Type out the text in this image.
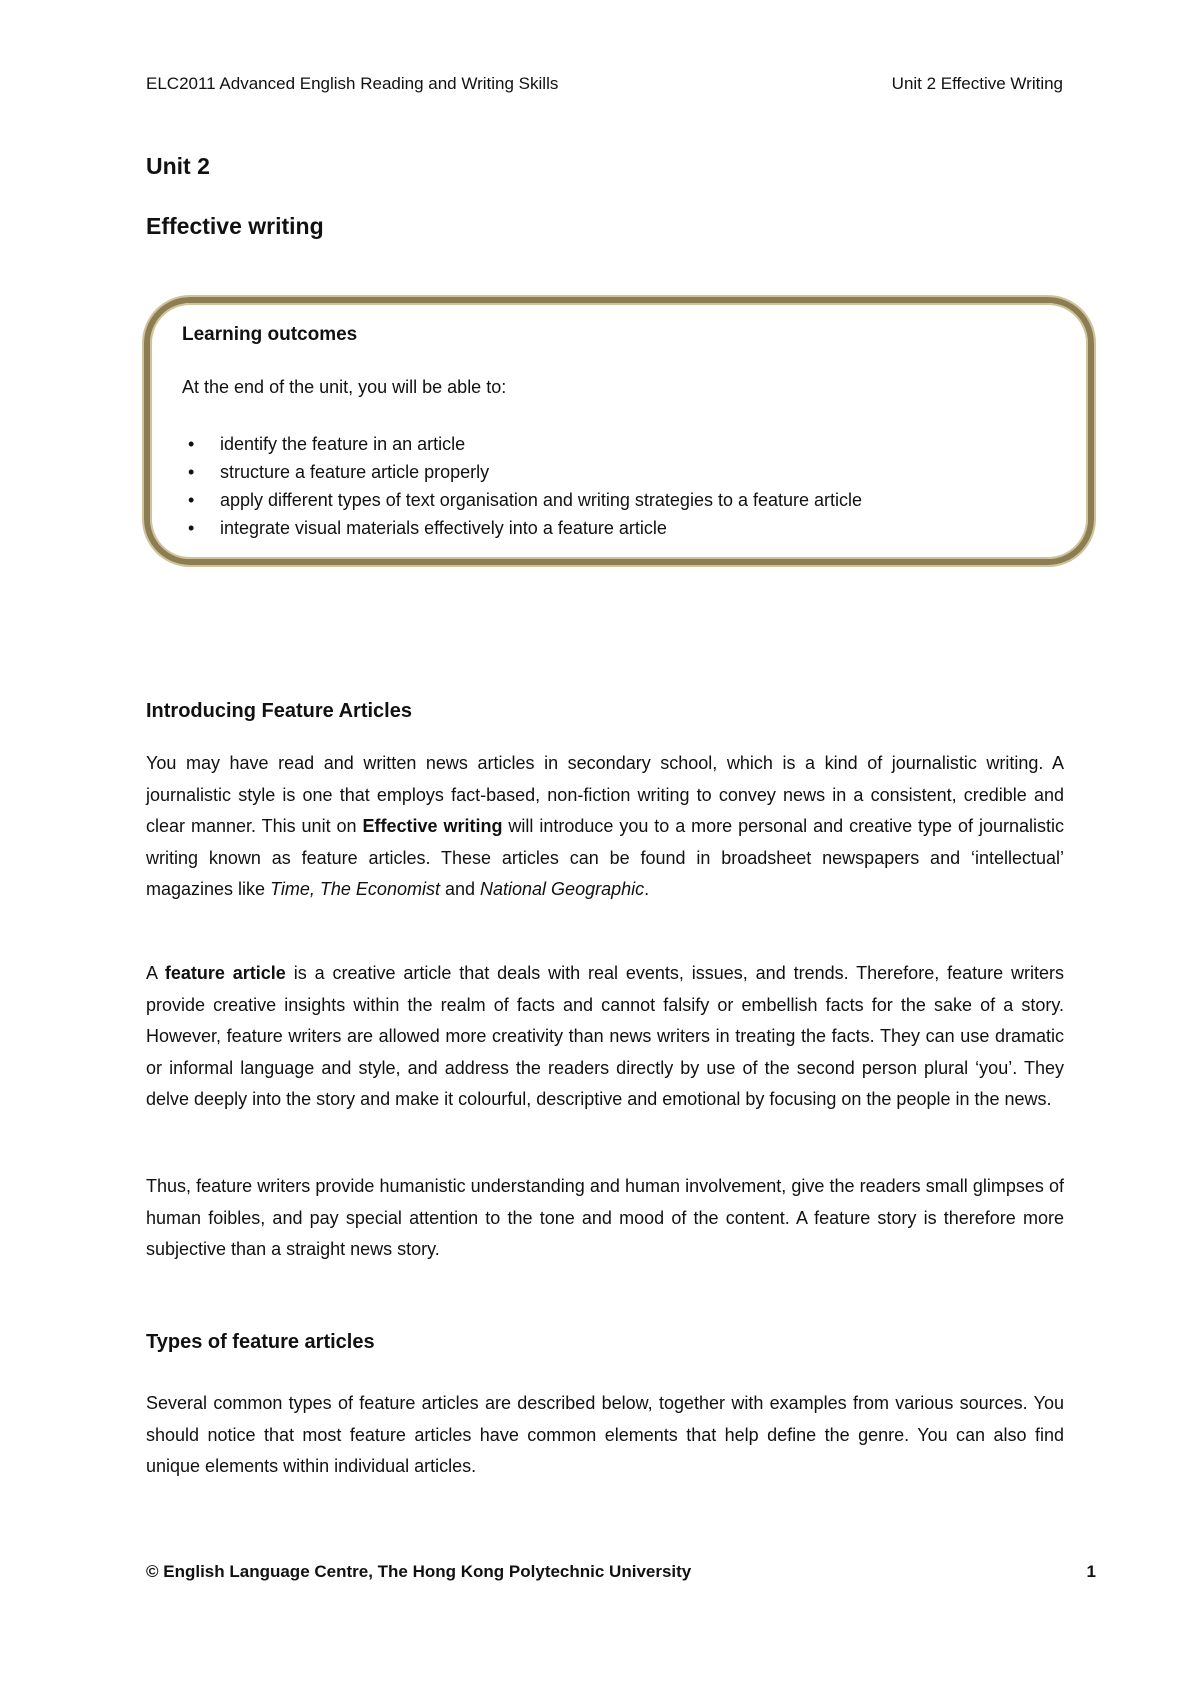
ELC2011 Advanced English Reading and Writing Skills	Unit 2 Effective Writing
Unit 2
Effective writing
Learning outcomes
At the end of the unit, you will be able to:
• identify the feature in an article
• structure a feature article properly
• apply different types of text organisation and writing strategies to a feature article
• integrate visual materials effectively into a feature article
Introducing Feature Articles

You may have read and written news articles in secondary school, which is a kind of journalistic writing. A journalistic style is one that employs fact-based, non-fiction writing to convey news in a consistent, credible and clear manner. This unit on Effective writing will introduce you to a more personal and creative type of journalistic writing known as feature articles. These articles can be found in broadsheet newspapers and ‘intellectual’ magazines like Time, The Economist and National Geographic.

A feature article is a creative article that deals with real events, issues, and trends. Therefore, feature writers provide creative insights within the realm of facts and cannot falsify or embellish facts for the sake of a story. However, feature writers are allowed more creativity than news writers in treating the facts. They can use dramatic or informal language and style, and address the readers directly by use of the second person plural ‘you’. They delve deeply into the story and make it colourful, descriptive and emotional by focusing on the people in the news.

Thus, feature writers provide humanistic understanding and human involvement, give the readers small glimpses of human foibles, and pay special attention to the tone and mood of the content. A feature story is therefore more subjective than a straight news story.

Types of feature articles

Several common types of feature articles are described below, together with examples from various sources. You should notice that most feature articles have common elements that help define the genre. You can also find unique elements within individual articles.

© English Language Centre, The Hong Kong Polytechnic University	1
